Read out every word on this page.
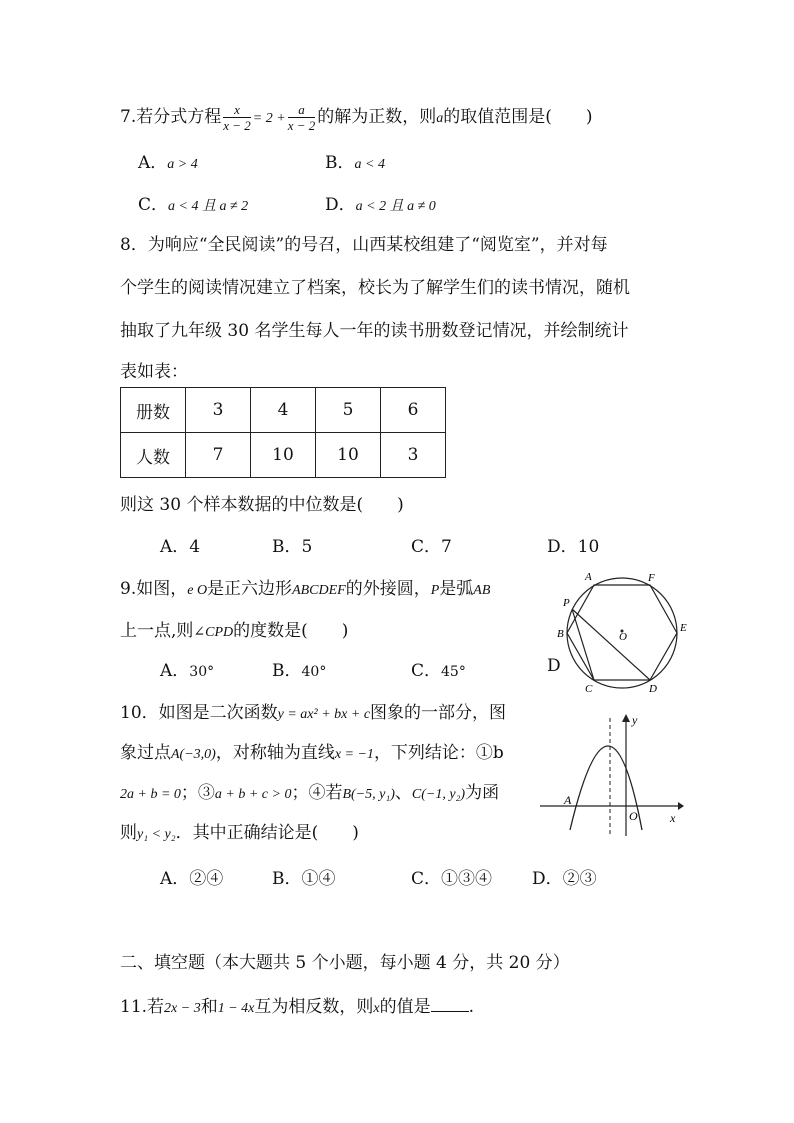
7.若分式方程 $\frac{x}{x - 2} = 2 + \frac{a}{x - 2}$ 的解为正数，则a的取值范围是(　　)
A．a > 4	B．a < 4
C．a < 4 且 a ≠ 2	D．a < 2 且 a ≠ 0
8．为响应“全民阅读”的号召，山西某校组建了“阅览室”，并对每
个学生的阅读情况建立了档案，校长为了解学生们的读书情况，随机
抽取了九年级 30 名学生每人一年的读书册数登记情况，并绘制统计
表如表：
册数	3	4	5	6
人数	7	10	10	3
则这 30 个样本数据的中位数是(　　)
A．4	B．5	C．7	D．10
9.如图，e O是正六边形ABCDEF的外接圆，P是弧AB
上一点,则∠CPD的度数是(　　)
A．30°	B．40°	C．45°	D
A	F
P
B	O
E
C	D
10．如图是二次函数y = ax² + bx + c图象的一部分，图
象过点A(−3,0)，对称轴为直线x = −1，下列结论：①b
2a + b = 0；③a + b + c > 0；④若B(−5, y₁)、C(−1, y₂)为函
则y₁ < y₂．其中正确结论是(　　)
A．②④	B．①④	C．①③④ D．②③
y
x
O
A
二、填空题（本大题共 5 个小题，每小题 4 分，共 20 分）
11.若2x − 3和1 − 4x互为相反数，则x的值是 .
